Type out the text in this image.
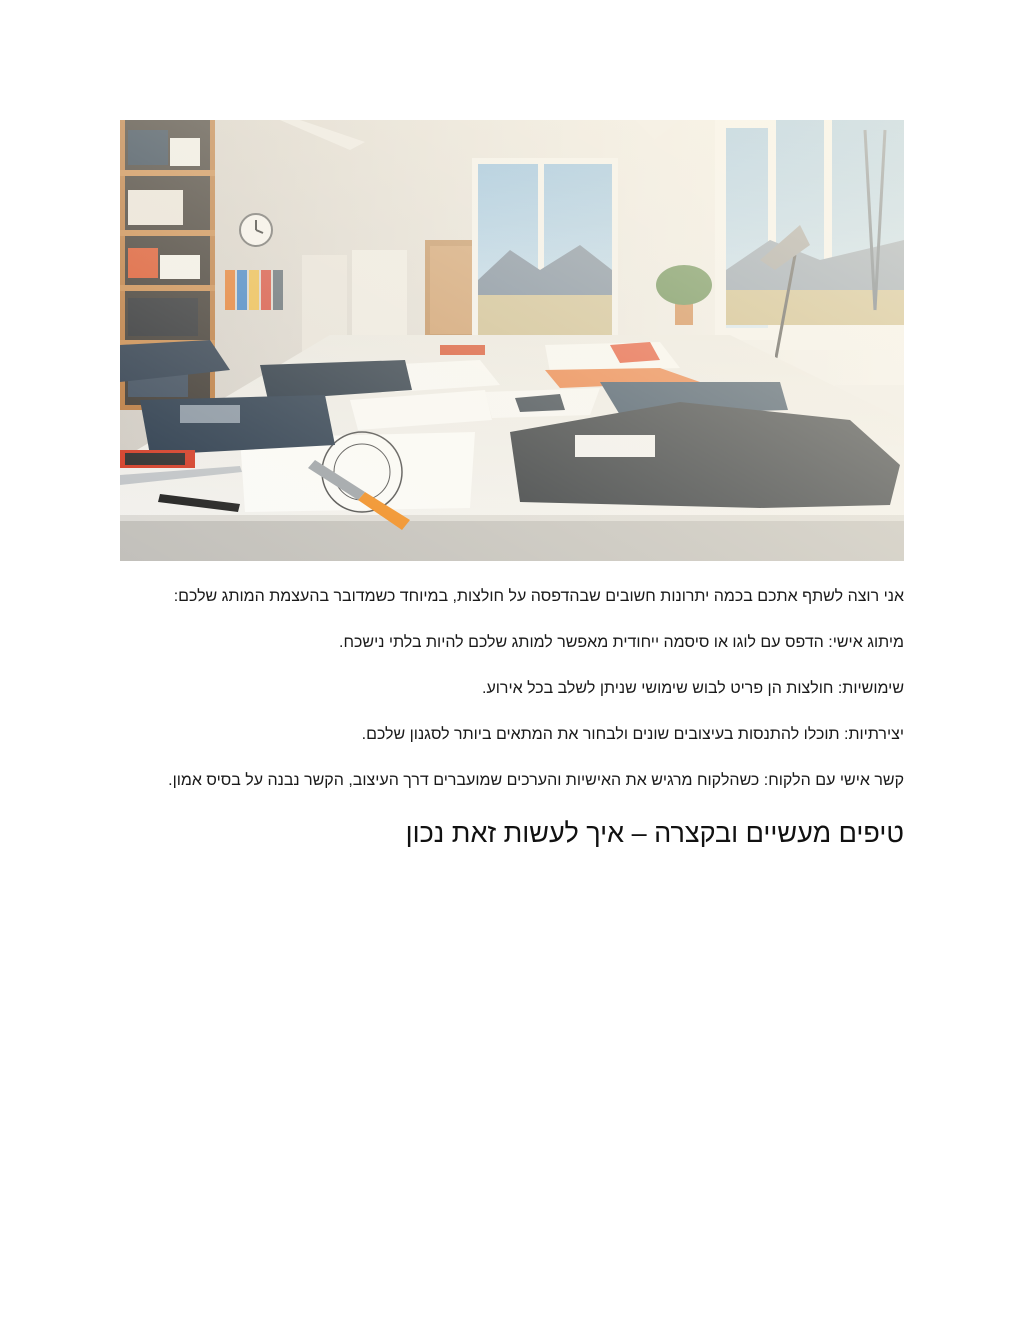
אני רוצה לשתף אתכם בכמה יתרונות חשובים שבהדפסה על חולצות, במיוחד כשמדובר בהעצמת המותג שלכם:

מיתוג אישי: הדפס עם לוגו או סיסמה ייחודית מאפשר למותג שלכם להיות בלתי נישכח.

שימושיות: חולצות הן פריט לבוש שימושי שניתן לשלב בכל אירוע.

יצירתיות: תוכלו להתנסות בעיצובים שונים ולבחור את המתאים ביותר לסגנון שלכם.

קשר אישי עם הלקוח: כשהלקוח מרגיש את האישיות והערכים שמועברים דרך העיצוב, הקשר נבנה על בסיס אמון.

טיפים מעשיים ובקצרה – איך לעשות זאת נכון
